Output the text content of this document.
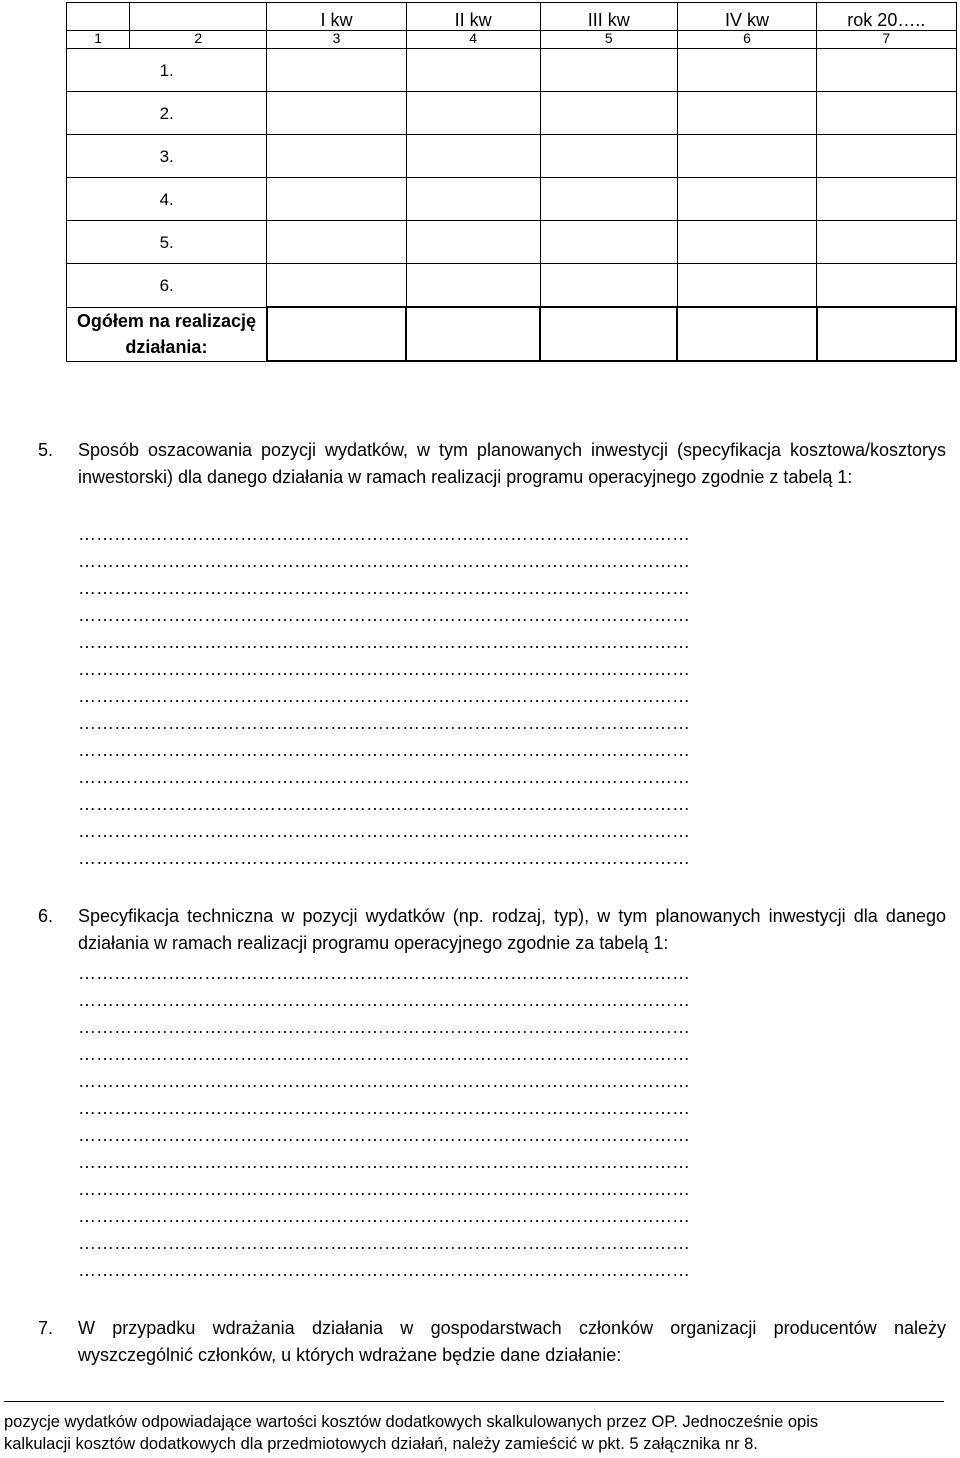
		I kw	II kw	III kw	IV kw	rok 20…..
1	2	3	4	5	6	7
1.						
2.						
3.						
4.						
5.						
6.						
Ogółem na realizację
działania:						
5. Sposób oszacowania pozycji wydatków, w tym planowanych inwestycji (specyfikacja kosztowa/kosztorys inwestorski) dla danego działania w ramach realizacji programu operacyjnego zgodnie z tabelą 1:
…………………………………………………………………………………………
…………………………………………………………………………………………
…………………………………………………………………………………………
…………………………………………………………………………………………
…………………………………………………………………………………………
…………………………………………………………………………………………
…………………………………………………………………………………………
…………………………………………………………………………………………
…………………………………………………………………………………………
…………………………………………………………………………………………
…………………………………………………………………………………………
…………………………………………………………………………………………
…………………………………………………………………………………………
6. Specyfikacja techniczna w pozycji wydatków (np. rodzaj, typ), w tym planowanych inwestycji dla danego działania w ramach realizacji programu operacyjnego zgodnie za tabelą 1:
…………………………………………………………………………………………
…………………………………………………………………………………………
…………………………………………………………………………………………
…………………………………………………………………………………………
…………………………………………………………………………………………
…………………………………………………………………………………………
…………………………………………………………………………………………
…………………………………………………………………………………………
…………………………………………………………………………………………
…………………………………………………………………………………………
…………………………………………………………………………………………
…………………………………………………………………………………………
7. W przypadku wdrażania działania w gospodarstwach członków organizacji producentów należy wyszczególnić członków, u których wdrażane będzie dane działanie:
pozycje wydatków odpowiadające wartości kosztów dodatkowych skalkulowanych przez OP. Jednocześnie opis
kalkulacji kosztów dodatkowych dla przedmiotowych działań, należy zamieścić w pkt. 5 załącznika nr 8.
